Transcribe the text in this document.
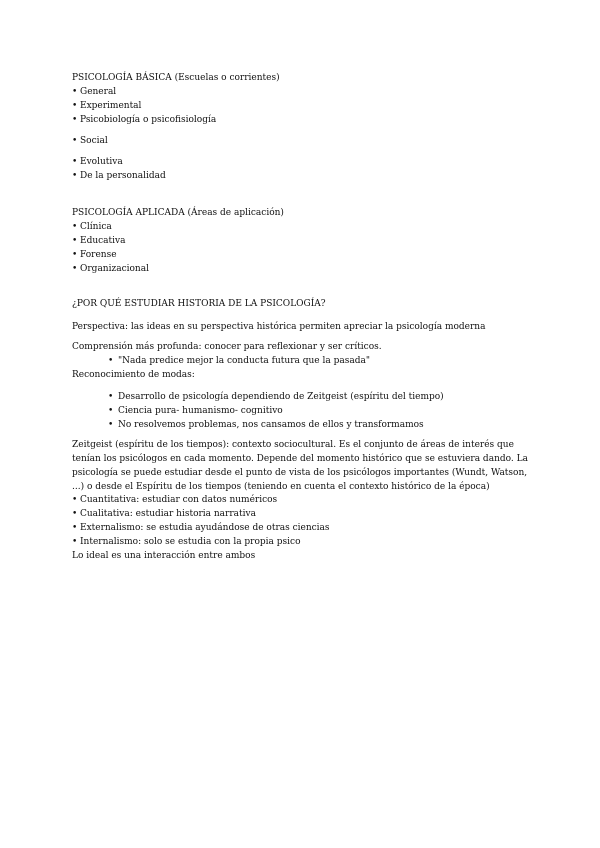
PSICOLOGÍA BÁSICA (Escuelas o corrientes)
• General
• Experimental
• Psicobiología o psicofisiología
• Social
• Evolutiva
• De la personalidad
PSICOLOGÍA APLICADA (Áreas de aplicación)
• Clínica
• Educativa
• Forense
• Organizacional
¿POR QUÉ ESTUDIAR HISTORIA DE LA PSICOLOGÍA?
Perspectiva: las ideas en su perspectiva histórica permiten apreciar la psicología moderna
Comprensión más profunda: conocer para reflexionar y ser críticos.
• "Nada predice mejor la conducta futura que la pasada"
Reconocimiento de modas:
• Desarrollo de psicología dependiendo de Zeitgeist (espíritu del tiempo)
• Ciencia pura- humanismo- cognitivo
• No resolvemos problemas, nos cansamos de ellos y transformamos
Zeitgeist (espíritu de los tiempos): contexto sociocultural. Es el conjunto de áreas de interés que tenían los psicólogos en cada momento. Depende del momento histórico que se estuviera dando. La psicología se puede estudiar desde el punto de vista de los psicólogos importantes (Wundt, Watson, ...) o desde el Espíritu de los tiempos (teniendo en cuenta el contexto histórico de la época)
• Cuantitativa: estudiar con datos numéricos
• Cualitativa: estudiar historia narrativa
• Externalismo: se estudia ayudándose de otras ciencias
• Internalismo: solo se estudia con la propia psico
Lo ideal es una interacción entre ambos
